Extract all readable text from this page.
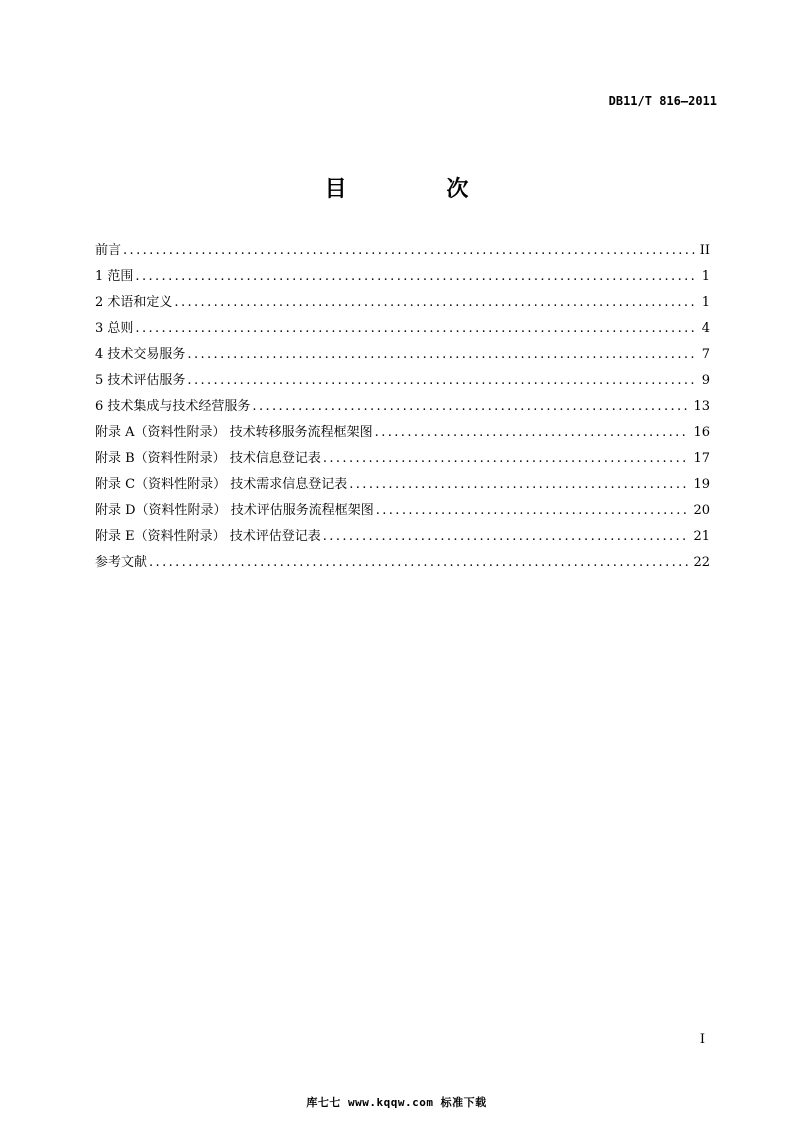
DB11/T 816—2011
目 次
前言 .....	II
1 范围 .....	1
2 术语和定义 .....	1
3 总则 .....	4
4 技术交易服务 .....	7
5 技术评估服务 .....	9
6 技术集成与技术经营服务 .....	13
附录 A（资料性附录） 技术转移服务流程框架图 .....	16
附录 B（资料性附录） 技术信息登记表 .....	17
附录 C（资料性附录） 技术需求信息登记表 .....	19
附录 D（资料性附录） 技术评估服务流程框架图 .....	20
附录 E（资料性附录） 技术评估登记表 .....	21
参考文献 .....	22
I
库七七 www.kqqw.com 标准下载
